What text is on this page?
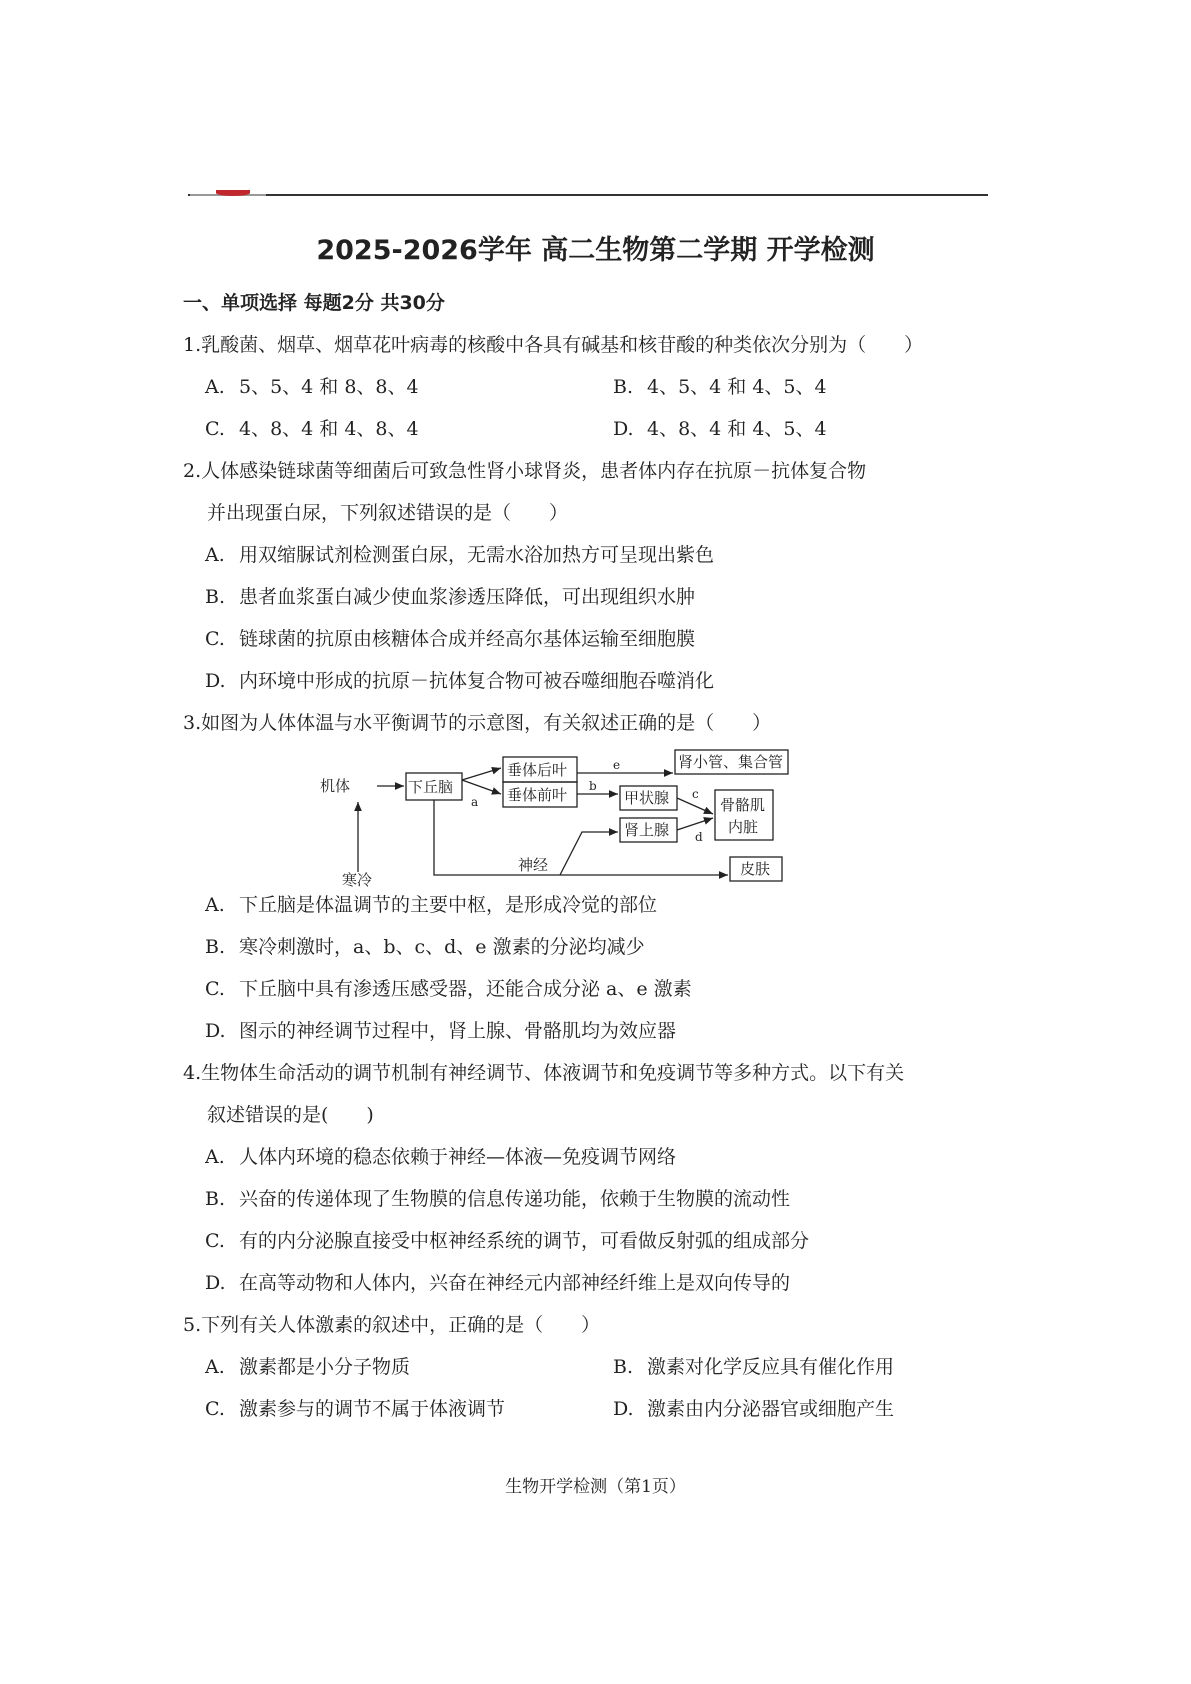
2025-2026学年 高二生物第二学期 开学检测
一、单项选择 每题2分 共30分
1.乳酸菌、烟草、烟草花叶病毒的核酸中各具有碱基和核苷酸的种类依次分别为（　　）
A. 5、5、4 和 8、8、4	B. 4、5、4 和 4、5、4
C. 4、8、4 和 4、8、4	D. 4、8、4 和 4、5、4
2.人体感染链球菌等细菌后可致急性肾小球肾炎，患者体内存在抗原－抗体复合物
并出现蛋白尿，下列叙述错误的是（　　）
A. 用双缩脲试剂检测蛋白尿，无需水浴加热方可呈现出紫色
B. 患者血浆蛋白减少使血浆渗透压降低，可出现组织水肿
C. 链球菌的抗原由核糖体合成并经高尔基体运输至细胞膜
D. 内环境中形成的抗原－抗体复合物可被吞噬细胞吞噬消化
3.如图为人体体温与水平衡调节的示意图，有关叙述正确的是（　　）
机体
寒冷
下丘脑
垂体后叶
垂体前叶
肾小管、集合管
甲状腺	骨骼肌
内脏
肾上腺
皮肤
神经
a
b
c
d
e
A. 下丘脑是体温调节的主要中枢，是形成冷觉的部位
B. 寒冷刺激时，a、b、c、d、e 激素的分泌均减少
C. 下丘脑中具有渗透压感受器，还能合成分泌 a、e 激素
D. 图示的神经调节过程中，肾上腺、骨骼肌均为效应器
4.生物体生命活动的调节机制有神经调节、体液调节和免疫调节等多种方式。以下有关
叙述错误的是(　　)
A. 人体内环境的稳态依赖于神经—体液—免疫调节网络
B. 兴奋的传递体现了生物膜的信息传递功能，依赖于生物膜的流动性
C. 有的内分泌腺直接受中枢神经系统的调节，可看做反射弧的组成部分
D. 在高等动物和人体内，兴奋在神经元内部神经纤维上是双向传导的
5.下列有关人体激素的叙述中，正确的是（　　）
A. 激素都是小分子物质	B. 激素对化学反应具有催化作用
C. 激素参与的调节不属于体液调节	D. 激素由内分泌器官或细胞产生
生物开学检测（第1页）
